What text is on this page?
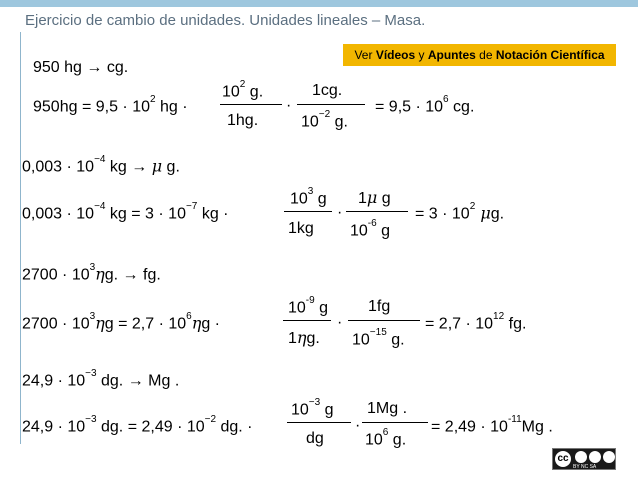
Ejercicio de cambio de unidades. Unidades lineales – Masa.
Ver Vídeos y Apuntes de Notación Científica
950 hg → cg.
$950hg = 9,5 \cdot 10^2$ hg ·
$10^2$ g.
1hg.
·
1cg.
$10^{-2}$ g.
= $9,5 \cdot 10^6$ cg.
$0,003 \cdot 10^{-4}$ kg → μ g.
$0,003 \cdot 10^{-4}$ kg = $3 \cdot 10^{-7}$ kg ·
$10^3$ g
1kg
·
1μ g
$10^{-6}$ g
= $3 \cdot 10^2$ μg.
$2700 \cdot 10^3\eta g$. → fg.
$2700 \cdot 10^3\eta g = 2,7 \cdot 10^6\eta g$ ·
$10^{-9}$ g
1ηg.
·
1fg
$10^{-15}$ g.
= $2,7 \cdot 10^{12}$ fg.
$24,9 \cdot 10^{-3}$ dg. → Mg .
$24,9 \cdot 10^{-3}$ dg. = $2,49 \cdot 10^{-2}$ dg. ·
$10^{-3}$ g
dg
·
1Mg .
$10^6$ g.
= $2,49 \cdot 10^{-11}Mg$ .
cc
BY NC SA
